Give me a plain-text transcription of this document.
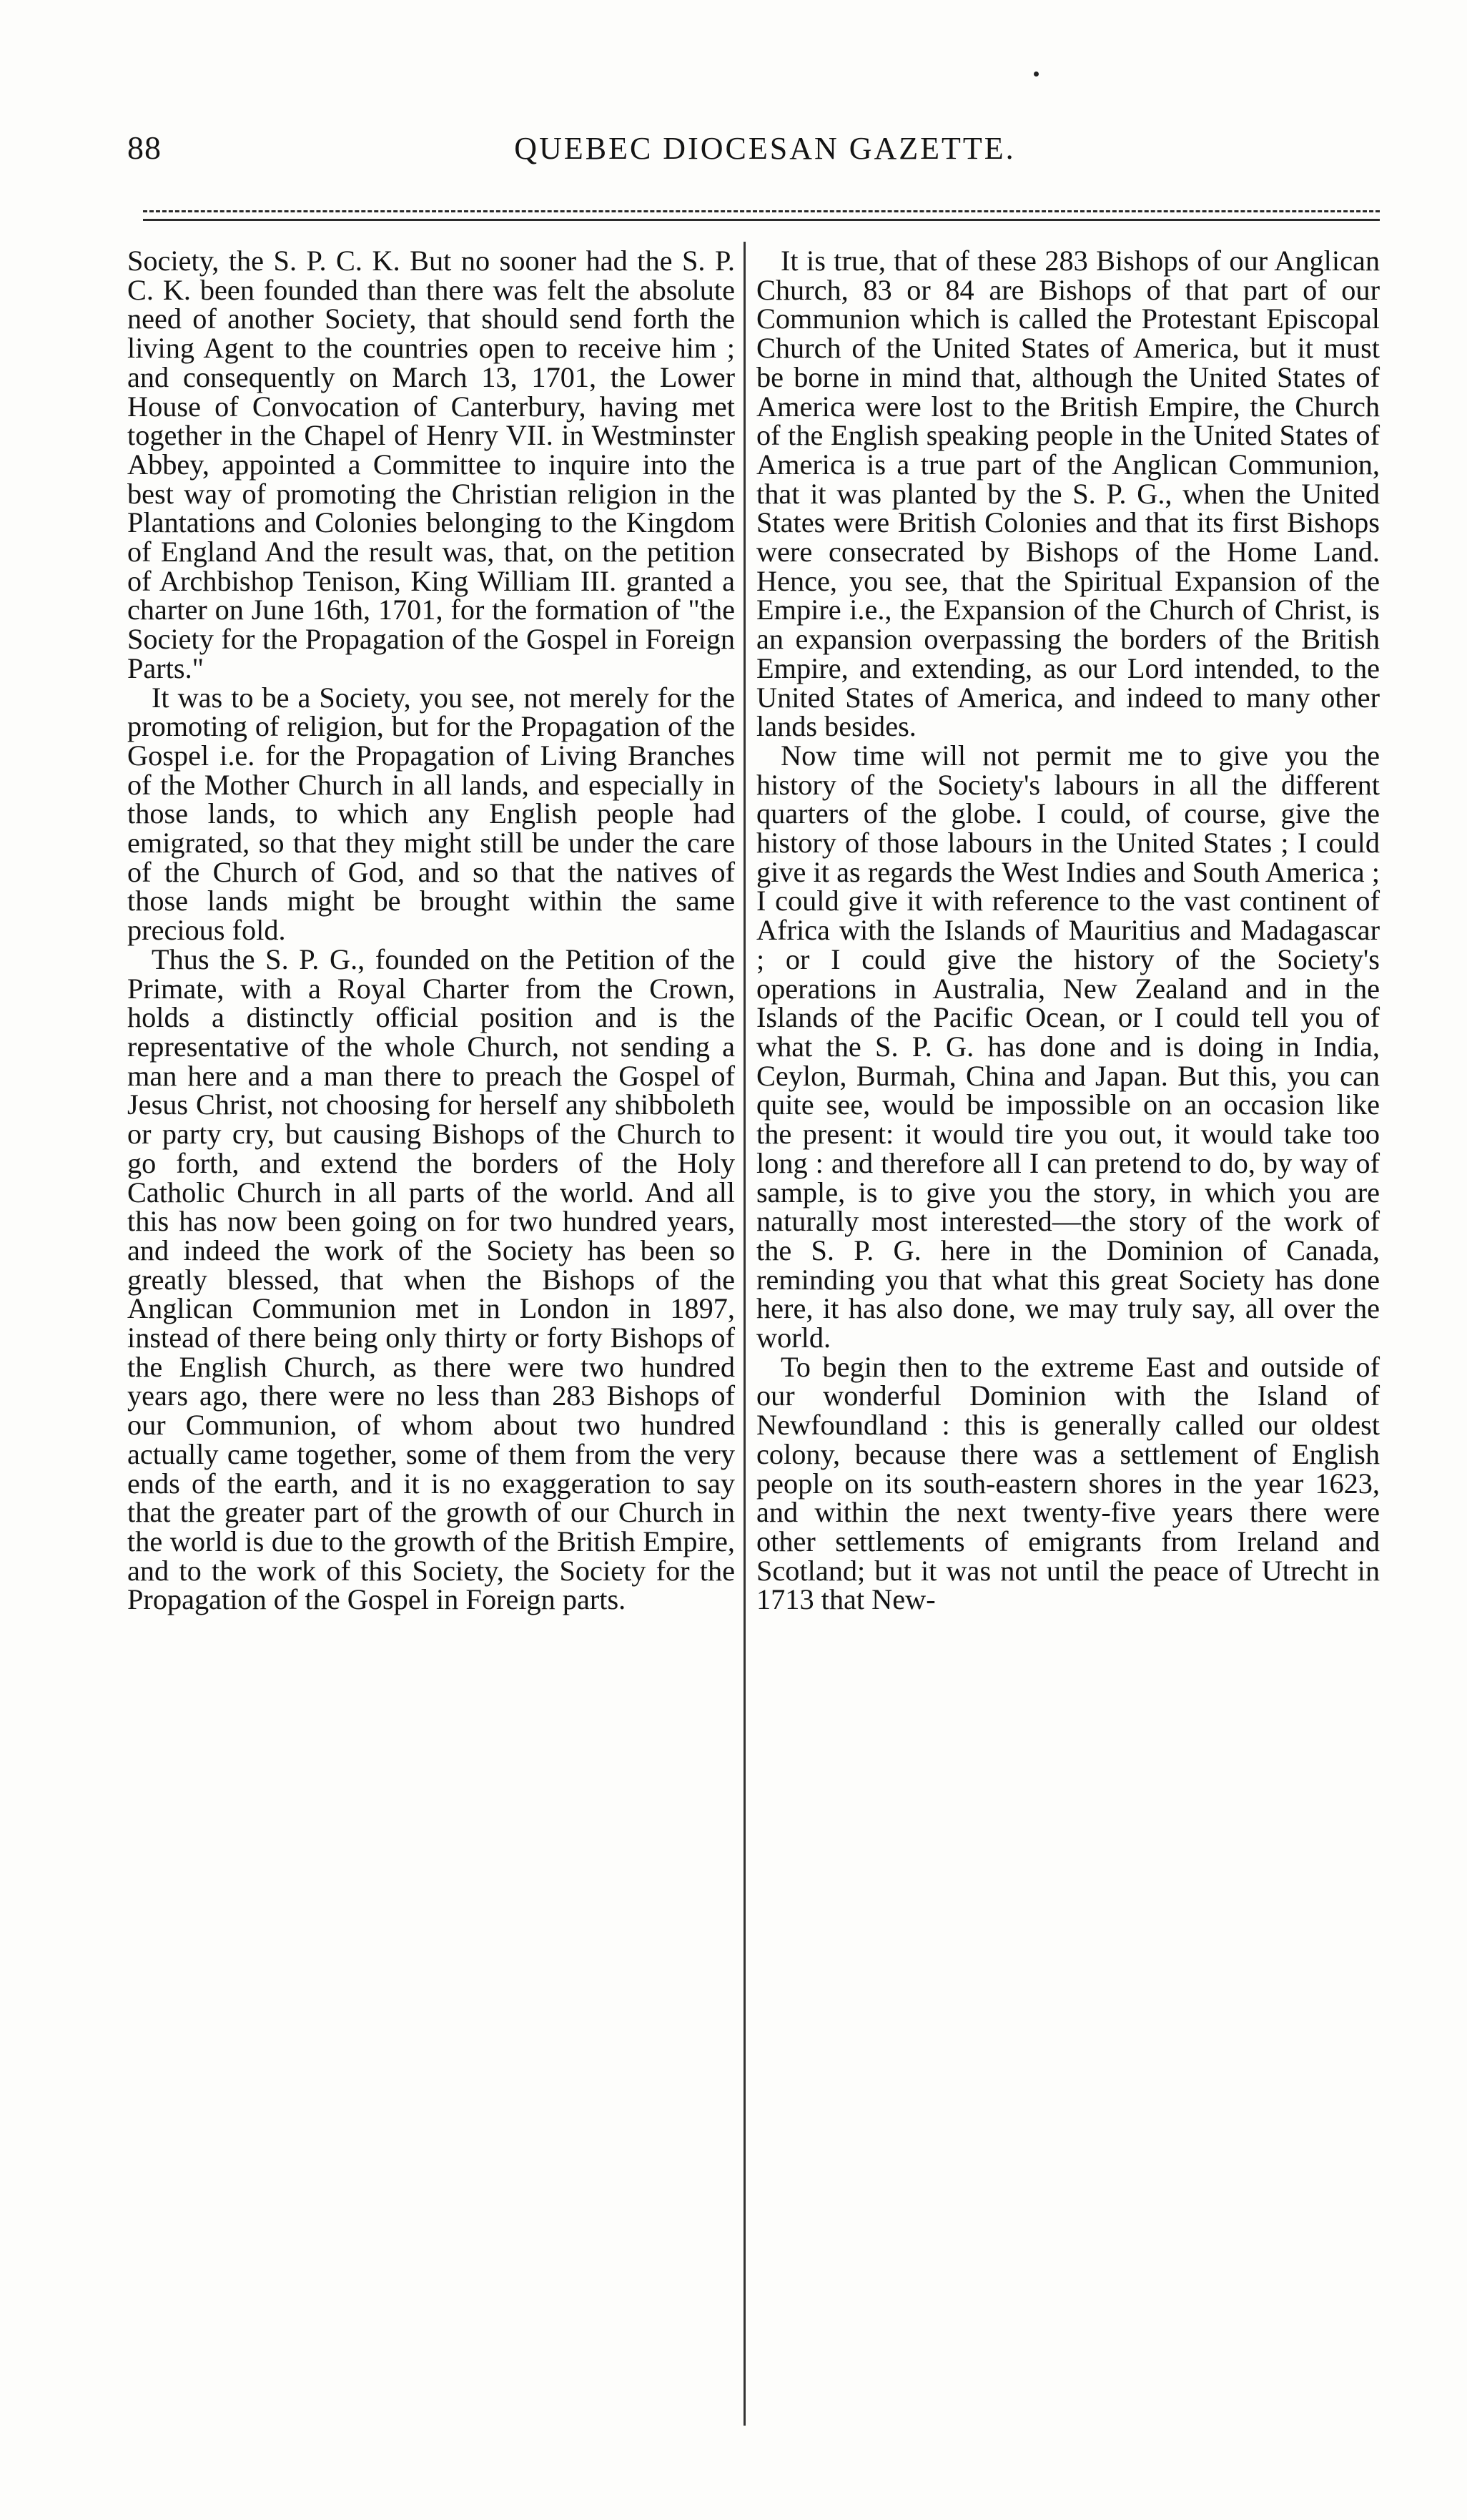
88	QUEBEC DIOCESAN GAZETTE.

Society, the S. P. C. K. But no sooner had the S. P. C. K. been founded than there was felt the absolute need of another Society, that should send forth the living Agent to the countries open to receive him ; and consequently on March 13, 1701, the Lower House of Convocation of Canterbury, having met together in the Chapel of Henry VII. in Westminster Abbey, appointed a Committee to inquire into the best way of promoting the Christian religion in the Plantations and Colonies belonging to the Kingdom of England And the result was, that, on the petition of Archbishop Tenison, King William III. granted a charter on June 16th, 1701, for the formation of "the Society for the Propagation of the Gospel in Foreign Parts."

It was to be a Society, you see, not merely for the promoting of religion, but for the Propagation of the Gospel i.e. for the Propagation of Living Branches of the Mother Church in all lands, and especially in those lands, to which any English people had emigrated, so that they might still be under the care of the Church of God, and so that the natives of those lands might be brought within the same precious fold.

Thus the S. P. G., founded on the Petition of the Primate, with a Royal Charter from the Crown, holds a distinctly official position and is the representative of the whole Church, not sending a man here and a man there to preach the Gospel of Jesus Christ, not choosing for herself any shibboleth or party cry, but causing Bishops of the Church to go forth, and extend the borders of the Holy Catholic Church in all parts of the world. And all this has now been going on for two hundred years, and indeed the work of the Society has been so greatly blessed, that when the Bishops of the Anglican Communion met in London in 1897, instead of there being only thirty or forty Bishops of the English Church, as there were two hundred years ago, there were no less than 283 Bishops of our Communion, of whom about two hundred actually came together, some of them from the very ends of the earth, and it is no exaggeration to say that the greater part of the growth of our Church in the world is due to the growth of the British Empire, and to the work of this Society, the Society for the Propagation of the Gospel in Foreign parts.

It is true, that of these 283 Bishops of our Anglican Church, 83 or 84 are Bishops of that part of our Communion which is called the Protestant Episcopal Church of the United States of America, but it must be borne in mind that, although the United States of America were lost to the British Empire, the Church of the English speaking people in the United States of America is a true part of the Anglican Communion, that it was planted by the S. P. G., when the United States were British Colonies and that its first Bishops were consecrated by Bishops of the Home Land. Hence, you see, that the Spiritual Expansion of the Empire i.e., the Expansion of the Church of Christ, is an expansion overpassing the borders of the British Empire, and extending, as our Lord intended, to the United States of America, and indeed to many other lands besides.

Now time will not permit me to give you the history of the Society's labours in all the different quarters of the globe. I could, of course, give the history of those labours in the United States ; I could give it as regards the West Indies and South America ; I could give it with reference to the vast continent of Africa with the Islands of Mauritius and Madagascar ; or I could give the history of the Society's operations in Australia, New Zealand and in the Islands of the Pacific Ocean, or I could tell you of what the S. P. G. has done and is doing in India, Ceylon, Burmah, China and Japan. But this, you can quite see, would be impossible on an occasion like the present: it would tire you out, it would take too long : and therefore all I can pretend to do, by way of sample, is to give you the story, in which you are naturally most interested—the story of the work of the S. P. G. here in the Dominion of Canada, reminding you that what this great Society has done here, it has also done, we may truly say, all over the world.

To begin then to the extreme East and outside of our wonderful Dominion with the Island of Newfoundland : this is generally called our oldest colony, because there was a settlement of English people on its south-eastern shores in the year 1623, and within the next twenty-five years there were other settlements of emigrants from Ireland and Scotland; but it was not until the peace of Utrecht in 1713 that New-
